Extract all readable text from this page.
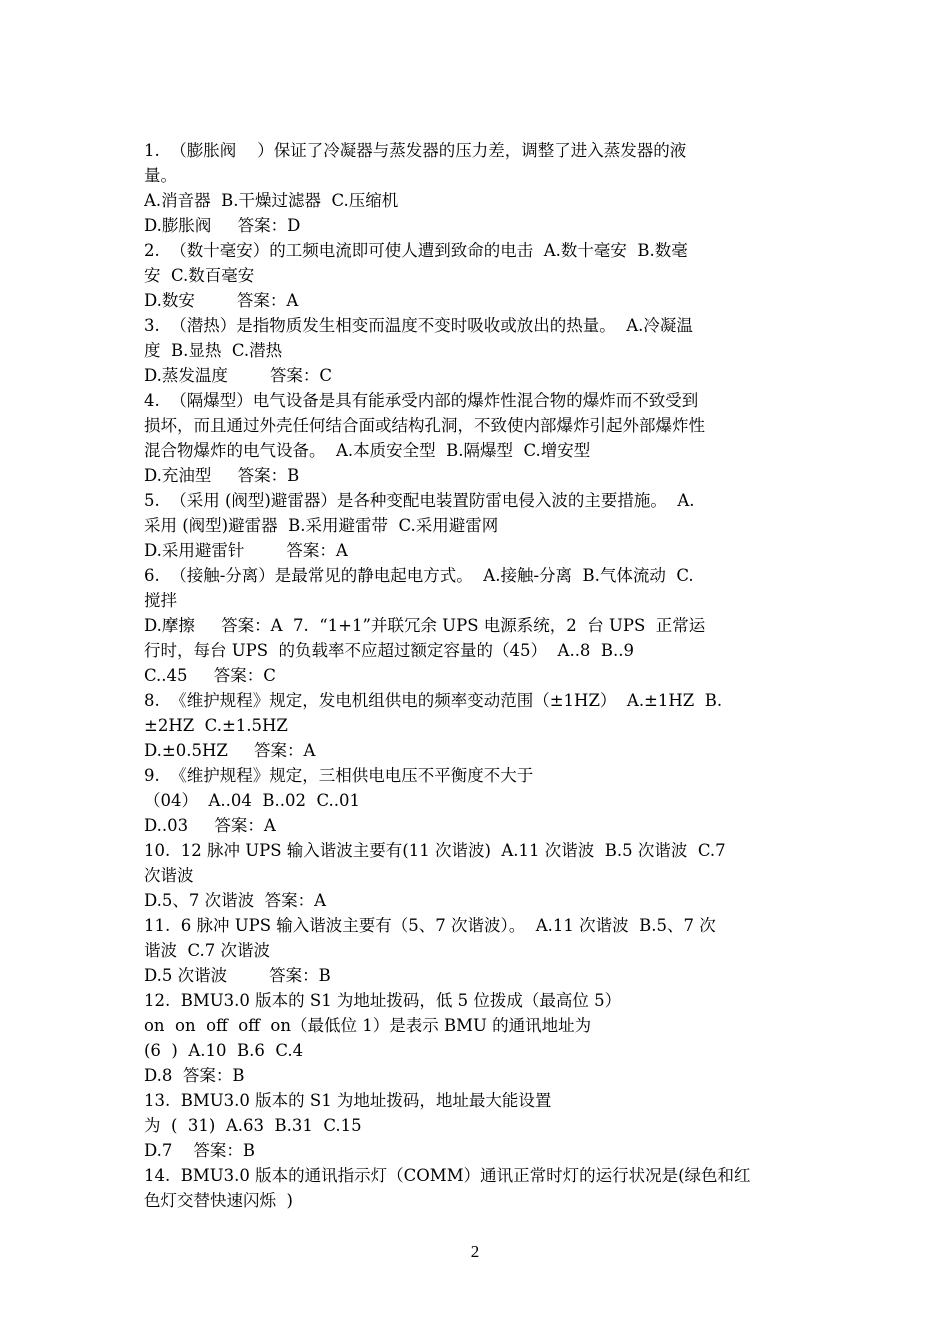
1.  （膨胀阀    ）保证了冷凝器与蒸发器的压力差，调整了进入蒸发器的液
量。
A.消音器  B.干燥过滤器  C.压缩机
D.膨胀阀     答案：D
2.  （数十毫安）的工频电流即可使人遭到致命的电击  A.数十毫安  B.数毫
安  C.数百毫安
D.数安        答案：A
3.  （潜热）是指物质发生相变而温度不变时吸收或放出的热量。  A.冷凝温
度  B.显热  C.潜热
D.蒸发温度        答案：C
4.  （隔爆型）电气设备是具有能承受内部的爆炸性混合物的爆炸而不致受到
损坏，而且通过外壳任何结合面或结构孔洞，不致使内部爆炸引起外部爆炸性
混合物爆炸的电气设备。  A.本质安全型  B.隔爆型  C.增安型
D.充油型     答案：B
5.  （采用 (阀型)避雷器）是各种变配电装置防雷电侵入波的主要措施。  A.
采用 (阀型)避雷器  B.采用避雷带  C.采用避雷网
D.采用避雷针        答案：A
6.  （接触-分离）是最常见的静电起电方式。  A.接触-分离  B.气体流动  C.
搅拌
D.摩擦     答案：A  7.  “1+1”并联冗余 UPS 电源系统，2  台 UPS  正常运
行时，每台 UPS  的负载率不应超过额定容量的（45）  A..8  B..9
C..45     答案：C
8.  《维护规程》规定，发电机组供电的频率变动范围（±1HZ）  A.±1HZ  B.
±2HZ  C.±1.5HZ
D.±0.5HZ     答案：A
9.  《维护规程》规定，三相供电电压不平衡度不大于
（04）  A..04  B..02  C..01
D..03     答案：A
10.  12 脉冲 UPS 输入谐波主要有(11 次谐波)  A.11 次谐波  B.5 次谐波  C.7
次谐波
D.5、7 次谐波  答案：A
11.  6 脉冲 UPS 输入谐波主要有（5、7 次谐波）。  A.11 次谐波  B.5、7 次
谐波  C.7 次谐波
D.5 次谐波        答案：B
12.  BMU3.0 版本的 S1 为地址拨码，低 5 位拨成（最高位 5）
on  on  off  off  on（最低位 1）是表示 BMU 的通讯地址为
(6  )  A.10  B.6  C.4
D.8  答案：B
13.  BMU3.0 版本的 S1 为地址拨码，地址最大能设置
为  (  31)  A.63  B.31  C.15
D.7    答案：B
14.  BMU3.0 版本的通讯指示灯（COMM）通讯正常时灯的运行状况是(绿色和红
色灯交替快速闪烁  )
2
